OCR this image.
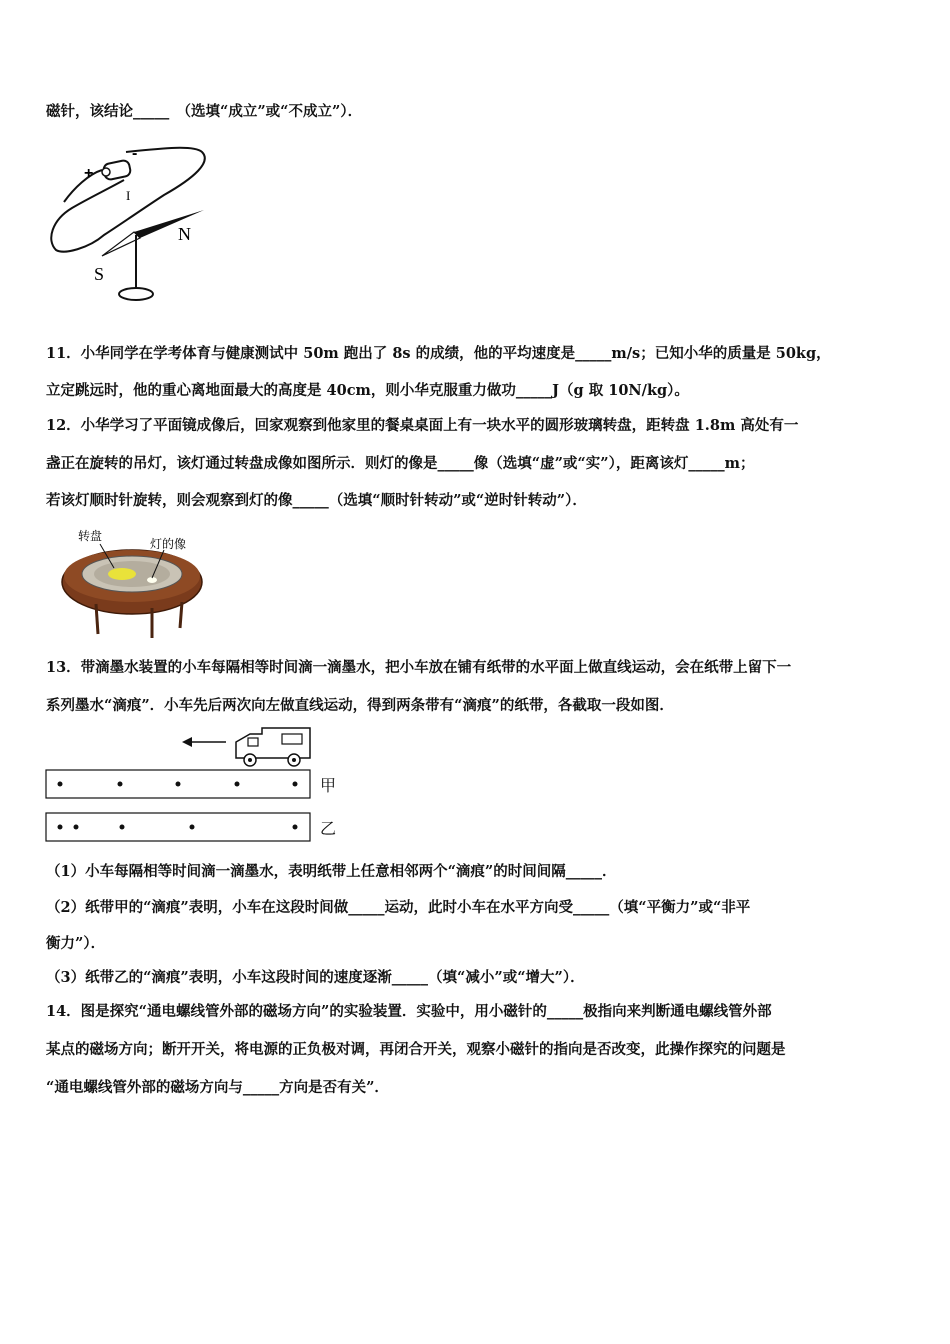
磁针，该结论_____　（选填“成立”或“不成立”）．
+
-
I
N
S
11．小华同学在学考体育与健康测试中 50m 跑出了 8s 的成绩，他的平均速度是_____m/s；已知小华的质量是 50kg，
立定跳远时，他的重心离地面最大的高度是 40cm，则小华克服重力做功_____J（g 取 10N/kg）。
12．小华学习了平面镜成像后，回家观察到他家里的餐桌桌面上有一块水平的圆形玻璃转盘，距转盘 1.8m 高处有一
盏正在旋转的吊灯，该灯通过转盘成像如图所示．则灯的像是_____像（选填“虚”或“实”），距离该灯_____m；
若该灯顺时针旋转，则会观察到灯的像_____（选填“顺时针转动”或“逆时针转动”）．
转盘
灯的像
13．带滴墨水装置的小车每隔相等时间滴一滴墨水，把小车放在铺有纸带的水平面上做直线运动，会在纸带上留下一
系列墨水“滴痕”．小车先后两次向左做直线运动，得到两条带有“滴痕”的纸带，各截取一段如图．
甲
乙
（1）小车每隔相等时间滴一滴墨水，表明纸带上任意相邻两个“滴痕”的时间间隔_____．
（2）纸带甲的“滴痕”表明，小车在这段时间做_____运动，此时小车在水平方向受_____（填“平衡力”或“非平
衡力”）．
（3）纸带乙的“滴痕”表明，小车这段时间的速度逐渐_____（填“减小”或“增大”）．
14．图是探究“通电螺线管外部的磁场方向”的实验装置．实验中，用小磁针的_____极指向来判断通电螺线管外部
某点的磁场方向；断开开关，将电源的正负极对调，再闭合开关，观察小磁针的指向是否改变，此操作探究的问题是
“通电螺线管外部的磁场方向与_____方向是否有关”．
